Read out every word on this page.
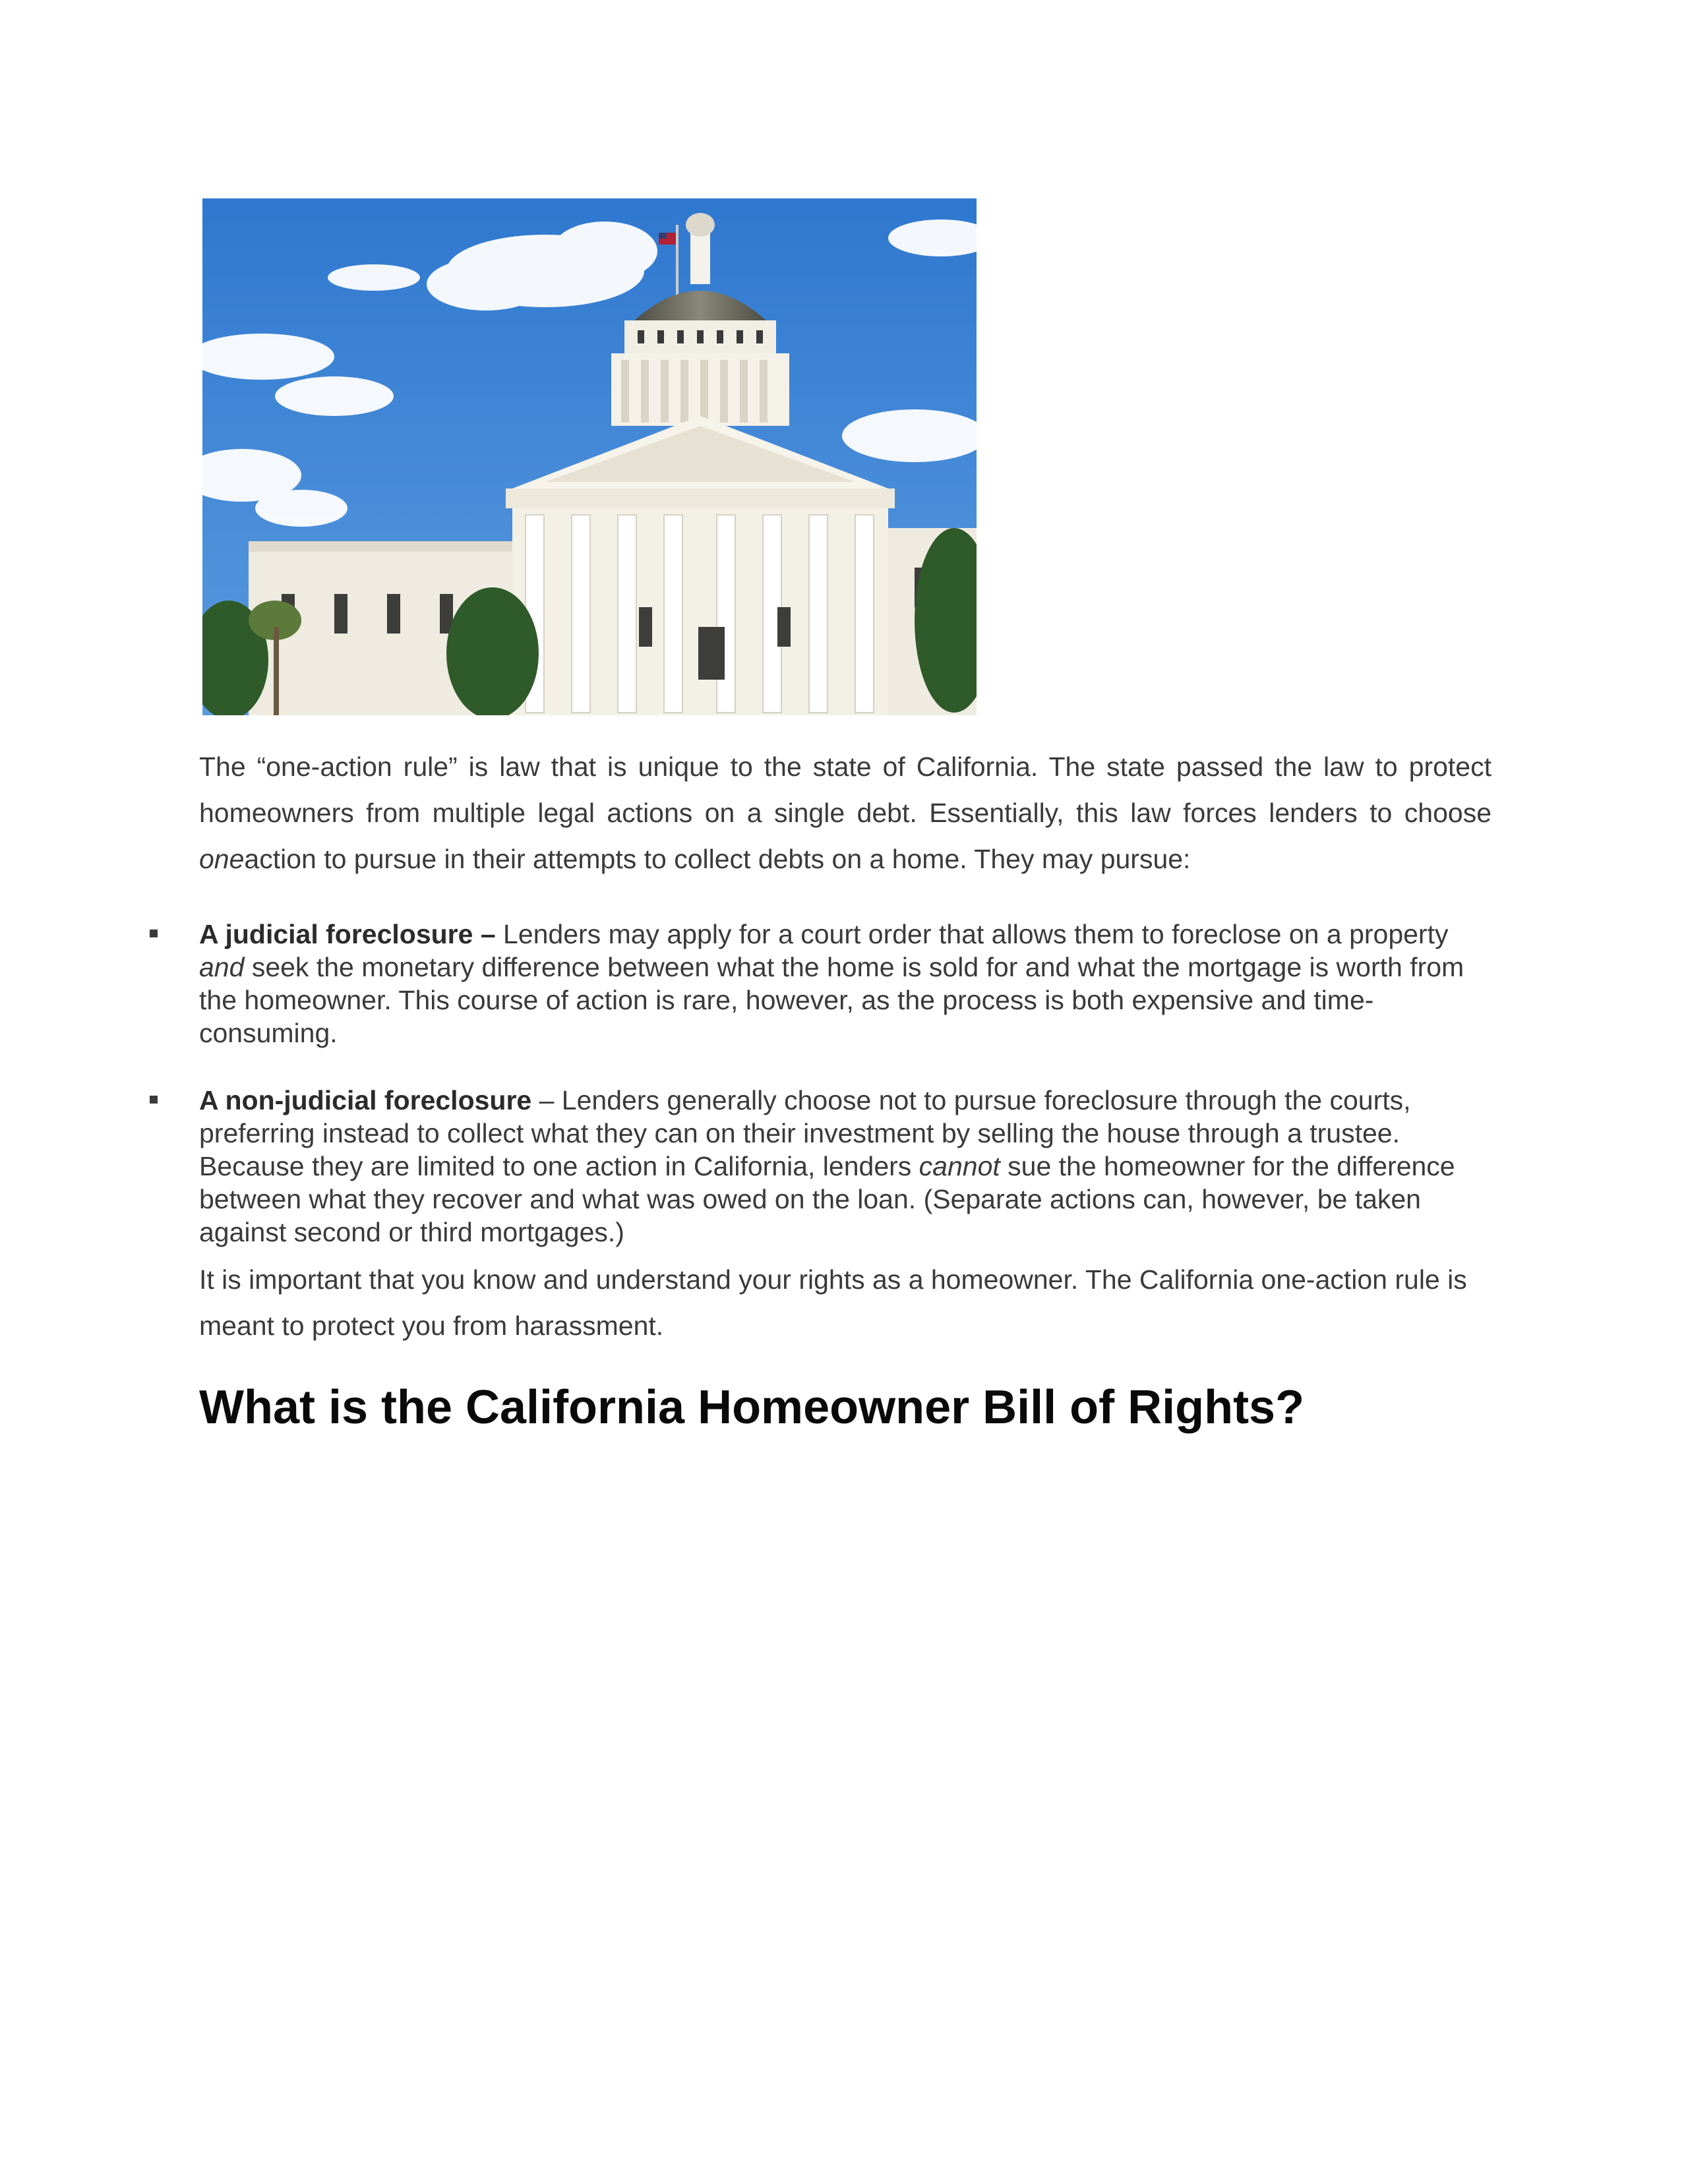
The “one-action rule” is law that is unique to the state of California. The state passed the law to protect homeowners from multiple legal actions on a single debt. Essentially, this law forces lenders to choose oneaction to pursue in their attempts to collect debts on a home. They may pursue:

A judicial foreclosure – Lenders may apply for a court order that allows them to foreclose on a property and seek the monetary difference between what the home is sold for and what the mortgage is worth from the homeowner. This course of action is rare, however, as the process is both expensive and time-consuming.
A non-judicial foreclosure – Lenders generally choose not to pursue foreclosure through the courts, preferring instead to collect what they can on their investment by selling the house through a trustee. Because they are limited to one action in California, lenders cannot sue the homeowner for the difference between what they recover and what was owed on the loan. (Separate actions can, however, be taken against second or third mortgages.)

It is important that you know and understand your rights as a homeowner. The California one-action rule is meant to protect you from harassment.

What is the California Homeowner Bill of Rights?
